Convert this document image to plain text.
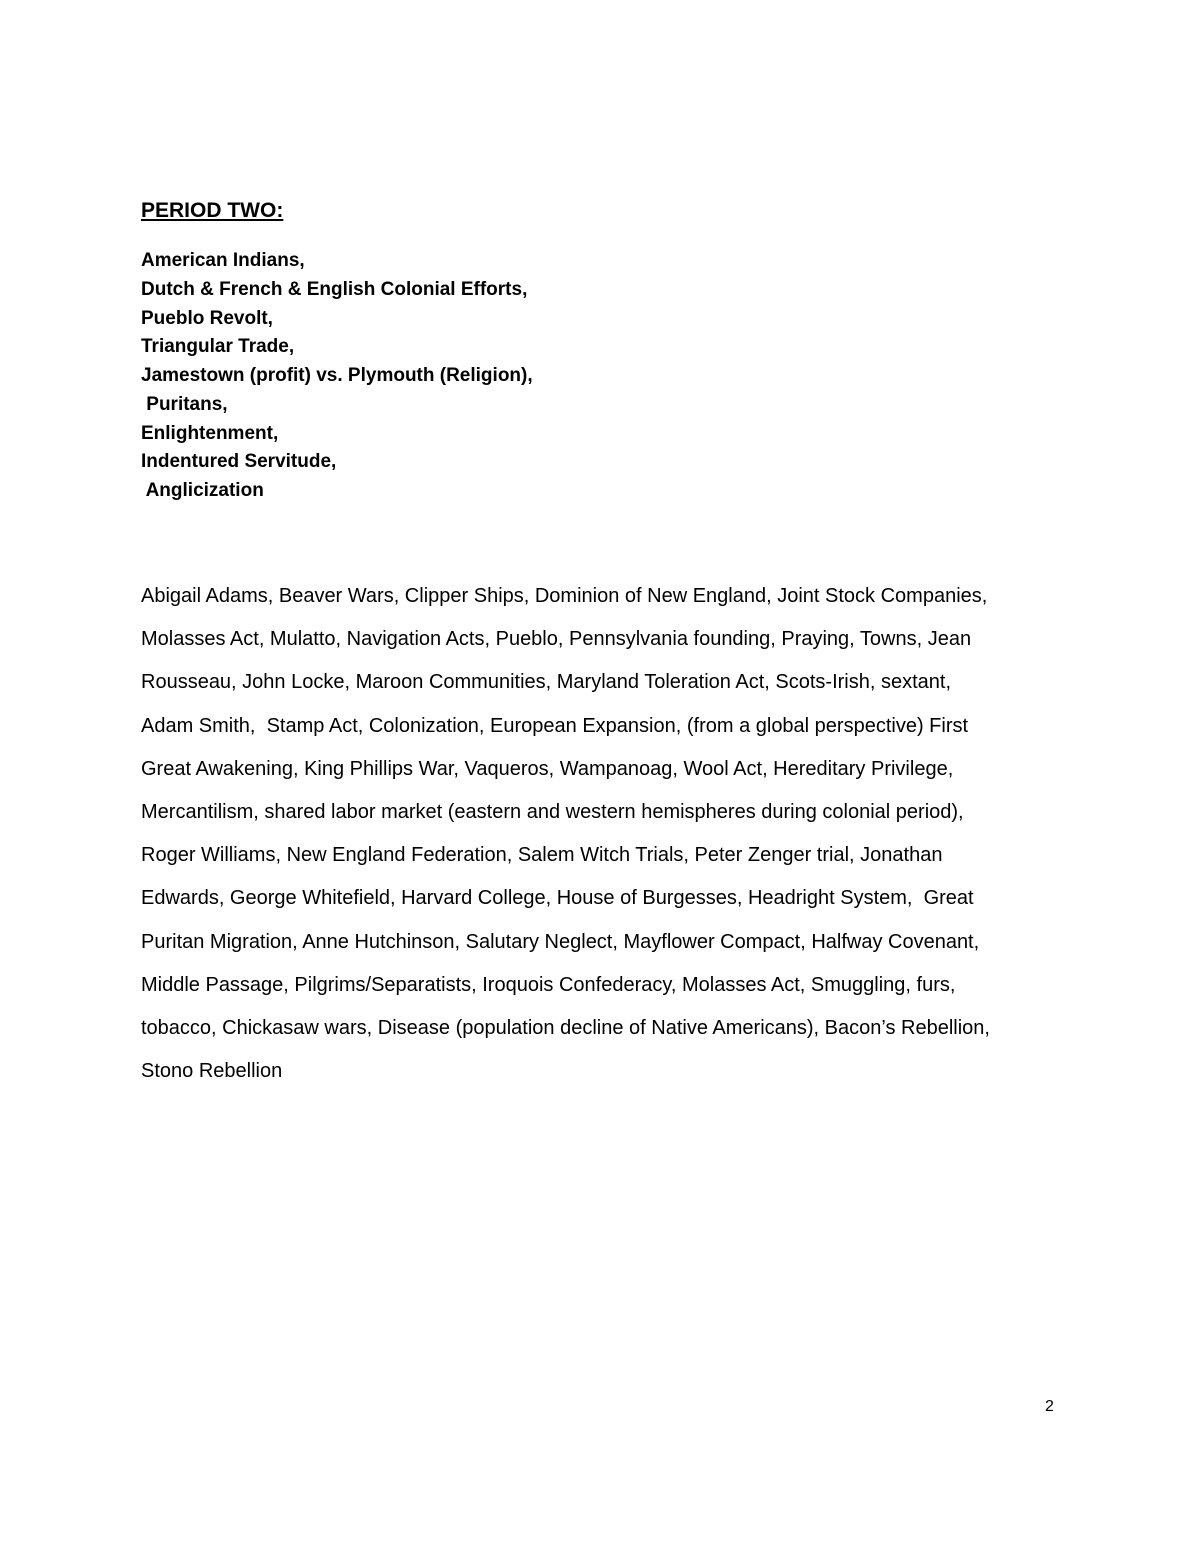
PERIOD TWO:
American Indians,
Dutch & French & English Colonial Efforts,
Pueblo Revolt,
Triangular Trade,
Jamestown (profit) vs. Plymouth (Religion),
Puritans,
Enlightenment,
Indentured Servitude,
Anglicization
Abigail Adams, Beaver Wars, Clipper Ships, Dominion of New England, Joint Stock Companies,
Molasses Act, Mulatto, Navigation Acts, Pueblo, Pennsylvania founding, Praying, Towns, Jean
Rousseau, John Locke, Maroon Communities, Maryland Toleration Act, Scots-Irish, sextant,
Adam Smith,  Stamp Act, Colonization, European Expansion, (from a global perspective) First
Great Awakening, King Phillips War, Vaqueros, Wampanoag, Wool Act, Hereditary Privilege,
Mercantilism, shared labor market (eastern and western hemispheres during colonial period),
Roger Williams, New England Federation, Salem Witch Trials, Peter Zenger trial, Jonathan
Edwards, George Whitefield, Harvard College, House of Burgesses, Headright System,  Great
Puritan Migration, Anne Hutchinson, Salutary Neglect, Mayflower Compact, Halfway Covenant,
Middle Passage, Pilgrims/Separatists, Iroquois Confederacy, Molasses Act, Smuggling, furs,
tobacco, Chickasaw wars, Disease (population decline of Native Americans), Bacon’s Rebellion,
Stono Rebellion
2
